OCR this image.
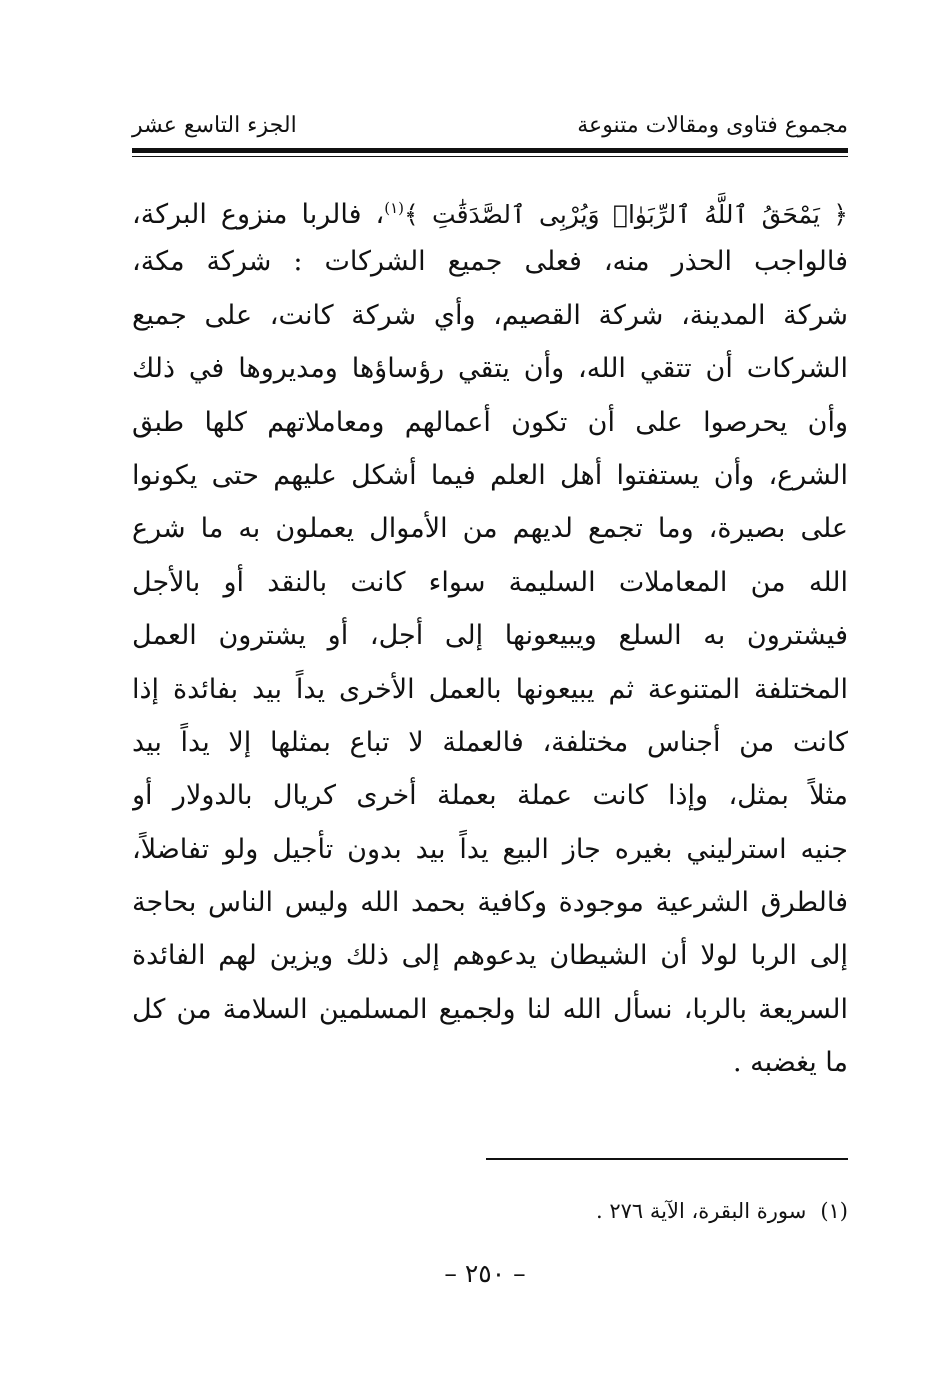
مجموع فتاوى ومقالات متنوعة
الجزء التاسع عشر
﴿ يَمْحَقُ ٱللَّهُ ٱلرِّبَوٰا۟ وَيُرْبِى ٱلصَّدَقَٰتِ ﴾$^{(١)}$، فالربا منزوع البركة،
فالواجب الحذر منه، فعلى جميع الشركات : شركة مكة،
شركة المدينة، شركة القصيم، وأي شركة كانت، على جميع
الشركات أن تتقي الله، وأن يتقي رؤساؤها ومديروها في ذلك
وأن يحرصوا على أن تكون أعمالهم ومعاملاتهم كلها طبق
الشرع، وأن يستفتوا أهل العلم فيما أشكل عليهم حتى يكونوا
على بصيرة، وما تجمع لديهم من الأموال يعملون به ما شرع
الله من المعاملات السليمة سواء كانت بالنقد أو بالأجل
فيشترون به السلع ويبيعونها إلى أجل، أو يشترون العمل
المختلفة المتنوعة ثم يبيعونها بالعمل الأخرى يداً بيد بفائدة إذا
كانت من أجناس مختلفة، فالعملة لا تباع بمثلها إلا يداً بيد
مثلاً بمثل، وإذا كانت عملة بعملة أخرى كريال بالدولار أو
جنيه استرليني بغيره جاز البيع يداً بيد بدون تأجيل ولو تفاضلاً،
فالطرق الشرعية موجودة وكافية بحمد الله وليس الناس بحاجة
إلى الربا لولا أن الشيطان يدعوهم إلى ذلك ويزين لهم الفائدة
السريعة بالربا، نسأل الله لنا ولجميع المسلمين السلامة من كل
ما يغضبه .
(١)سورة البقرة، الآية ٢٧٦ .
– ٢٥٠ –
